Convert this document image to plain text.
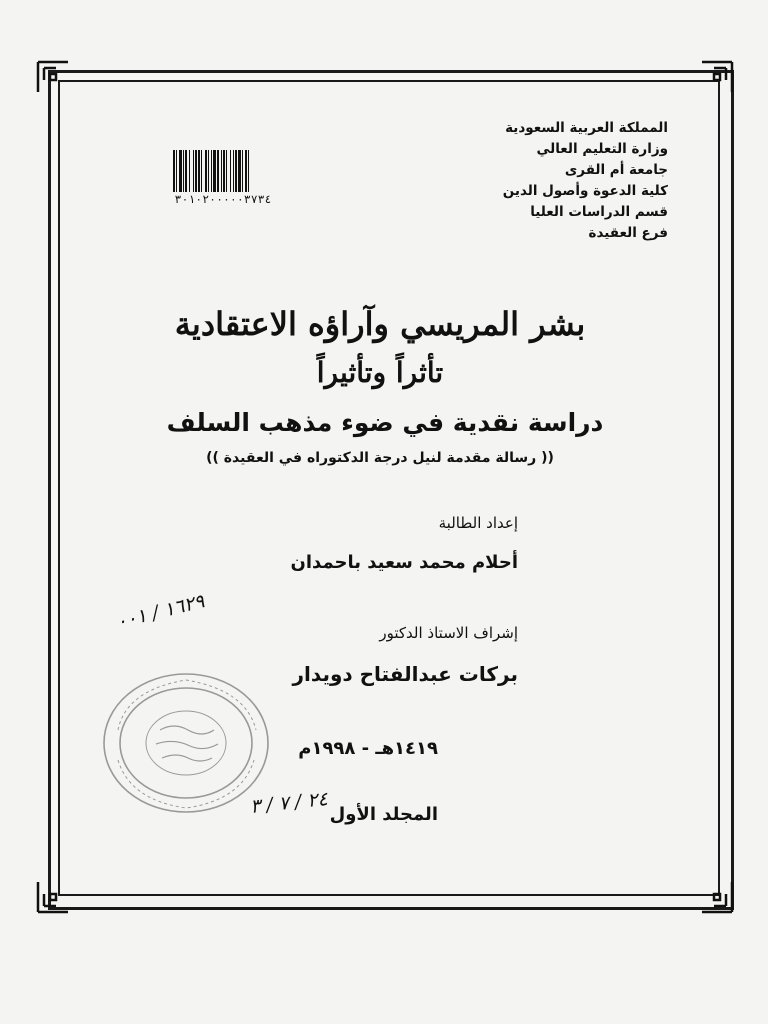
المملكة العربية السعودية
وزارة التعليم العالي
جامعة أم القرى
كلية الدعوة وأصول الدين
قسم الدراسات العليا
فرع العقيدة
٣٠١٠٢٠٠٠٠٠٣٧٣٤
بشر المريسي وآراؤه الاعتقادية
تأثراً وتأثيراً
دراسة نقدية في ضوء مذهب السلف
(( رسالة مقدمة لنيل درجة الدكتوراه في العقيدة ))
إعداد الطالبة
أحلام محمد سعيد باحمدان
إشراف الاستاذ الدكتور
بركات عبدالفتاح دويدار
١٤١٩هـ - ١٩٩٨م
المجلد الأول
١٦٢٩ / ٠٠١
٢٤ / ٧ / ٣
